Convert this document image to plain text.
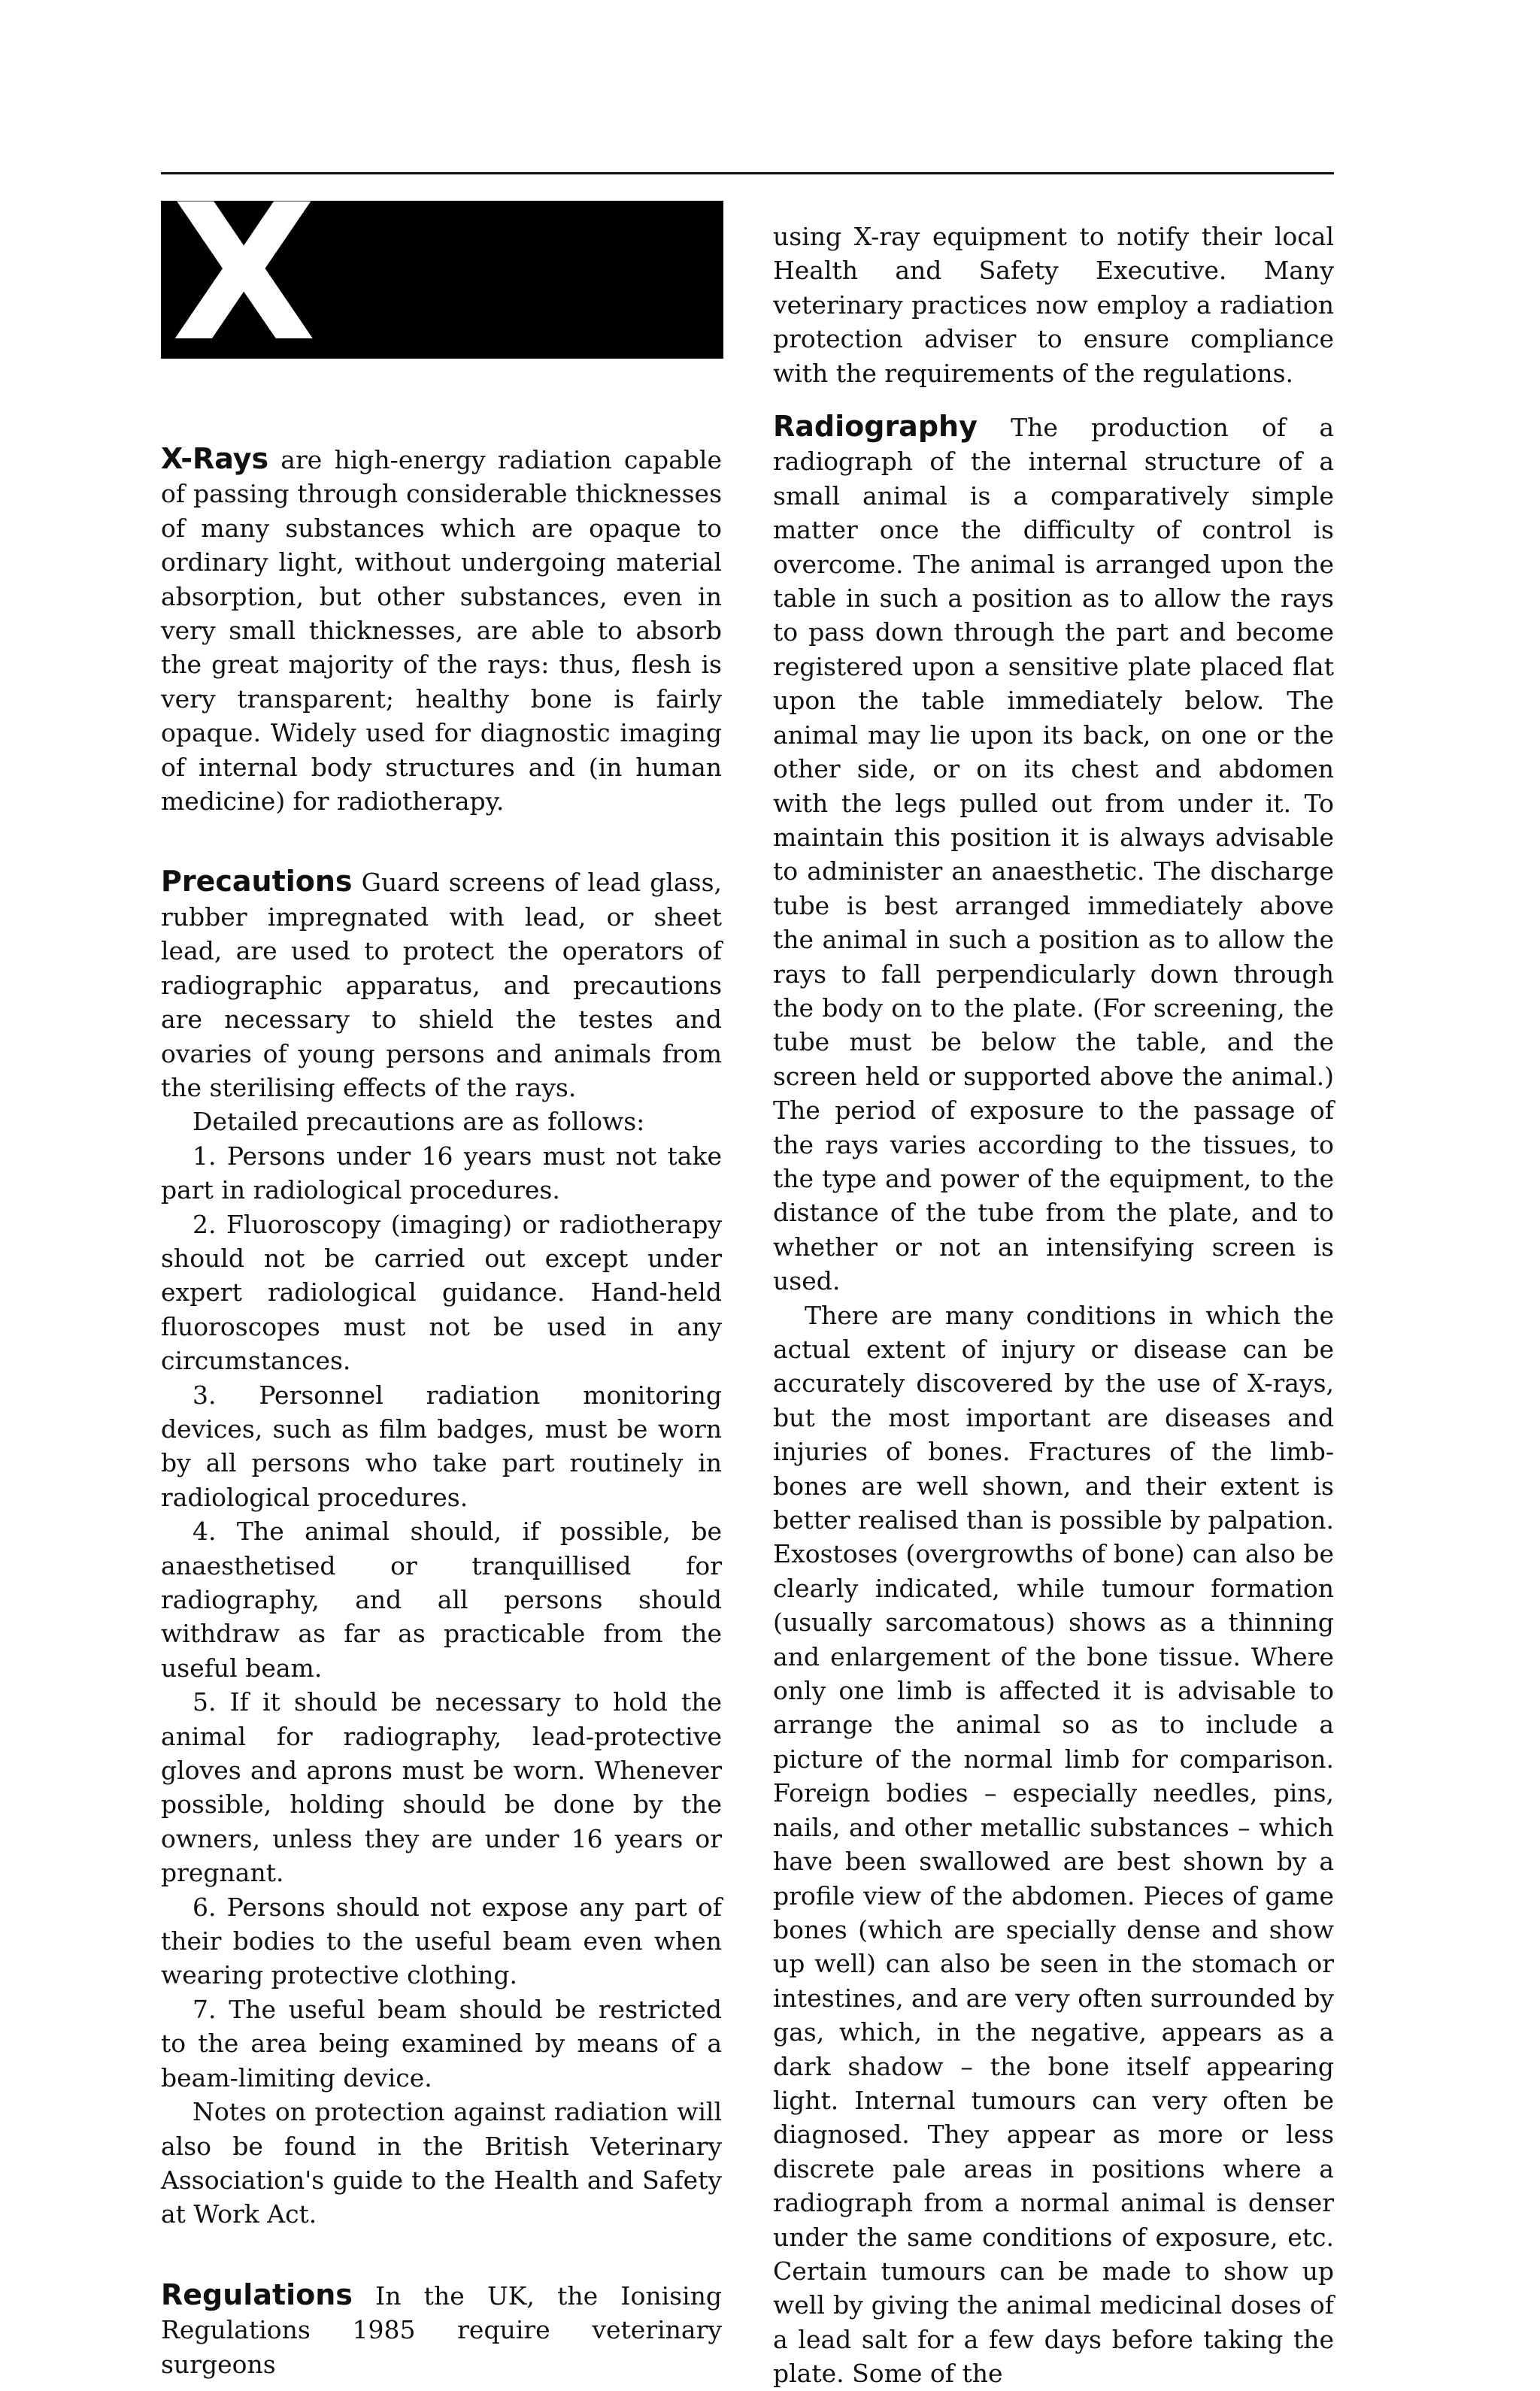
X

X-Rays are high-energy radiation capable of passing through considerable thicknesses of many substances which are opaque to ordinary light, without undergoing material absorption, but other substances, even in very small thicknesses, are able to absorb the great majority of the rays: thus, flesh is very transparent; healthy bone is fairly opaque. Widely used for diagnostic imaging of internal body structures and (in human medicine) for radiotherapy.

Precautions Guard screens of lead glass, rubber impregnated with lead, or sheet lead, are used to protect the operators of radiographic apparatus, and precautions are necessary to shield the testes and ovaries of young persons and animals from the sterilising effects of the rays.

Detailed precautions are as follows:

1. Persons under 16 years must not take part in radiological procedures.

2. Fluoroscopy (imaging) or radiotherapy should not be carried out except under expert radiological guidance. Hand-held fluoroscopes must not be used in any circumstances.

3. Personnel radiation monitoring devices, such as film badges, must be worn by all persons who take part routinely in radiological procedures.

4. The animal should, if possible, be anaesthetised or tranquillised for radiography, and all persons should withdraw as far as practicable from the useful beam.

5. If it should be necessary to hold the animal for radiography, lead-protective gloves and aprons must be worn. Whenever possible, holding should be done by the owners, unless they are under 16 years or pregnant.

6. Persons should not expose any part of their bodies to the useful beam even when wearing protective clothing.

7. The useful beam should be restricted to the area being examined by means of a beam-limiting device.

Notes on protection against radiation will also be found in the British Veterinary Association's guide to the Health and Safety at Work Act.

Regulations In the UK, the Ionising Regulations 1985 require veterinary surgeons

using X-ray equipment to notify their local Health and Safety Executive. Many veterinary practices now employ a radiation protection adviser to ensure compliance with the requirements of the regulations.

Radiography The production of a radiograph of the internal structure of a small animal is a comparatively simple matter once the difficulty of control is overcome. The animal is arranged upon the table in such a position as to allow the rays to pass down through the part and become registered upon a sensitive plate placed flat upon the table immediately below. The animal may lie upon its back, on one or the other side, or on its chest and abdomen with the legs pulled out from under it. To maintain this position it is always advisable to administer an anaesthetic. The discharge tube is best arranged immediately above the animal in such a position as to allow the rays to fall perpendicularly down through the body on to the plate. (For screening, the tube must be below the table, and the screen held or supported above the animal.) The period of exposure to the passage of the rays varies according to the tissues, to the type and power of the equipment, to the distance of the tube from the plate, and to whether or not an intensifying screen is used.

There are many conditions in which the actual extent of injury or disease can be accurately discovered by the use of X-rays, but the most important are diseases and injuries of bones. Fractures of the limb-bones are well shown, and their extent is better realised than is possible by palpation. Exostoses (overgrowths of bone) can also be clearly indicated, while tumour formation (usually sarcomatous) shows as a thinning and enlargement of the bone tissue. Where only one limb is affected it is advisable to arrange the animal so as to include a picture of the normal limb for comparison. Foreign bodies – especially needles, pins, nails, and other metallic substances – which have been swallowed are best shown by a profile view of the abdomen. Pieces of game bones (which are specially dense and show up well) can also be seen in the stomach or intestines, and are very often surrounded by gas, which, in the negative, appears as a dark shadow – the bone itself appearing light. Internal tumours can very often be diagnosed. They appear as more or less discrete pale areas in positions where a radiograph from a normal animal is denser under the same conditions of exposure, etc. Certain tumours can be made to show up well by giving the animal medicinal doses of a lead salt for a few days before taking the plate. Some of the
